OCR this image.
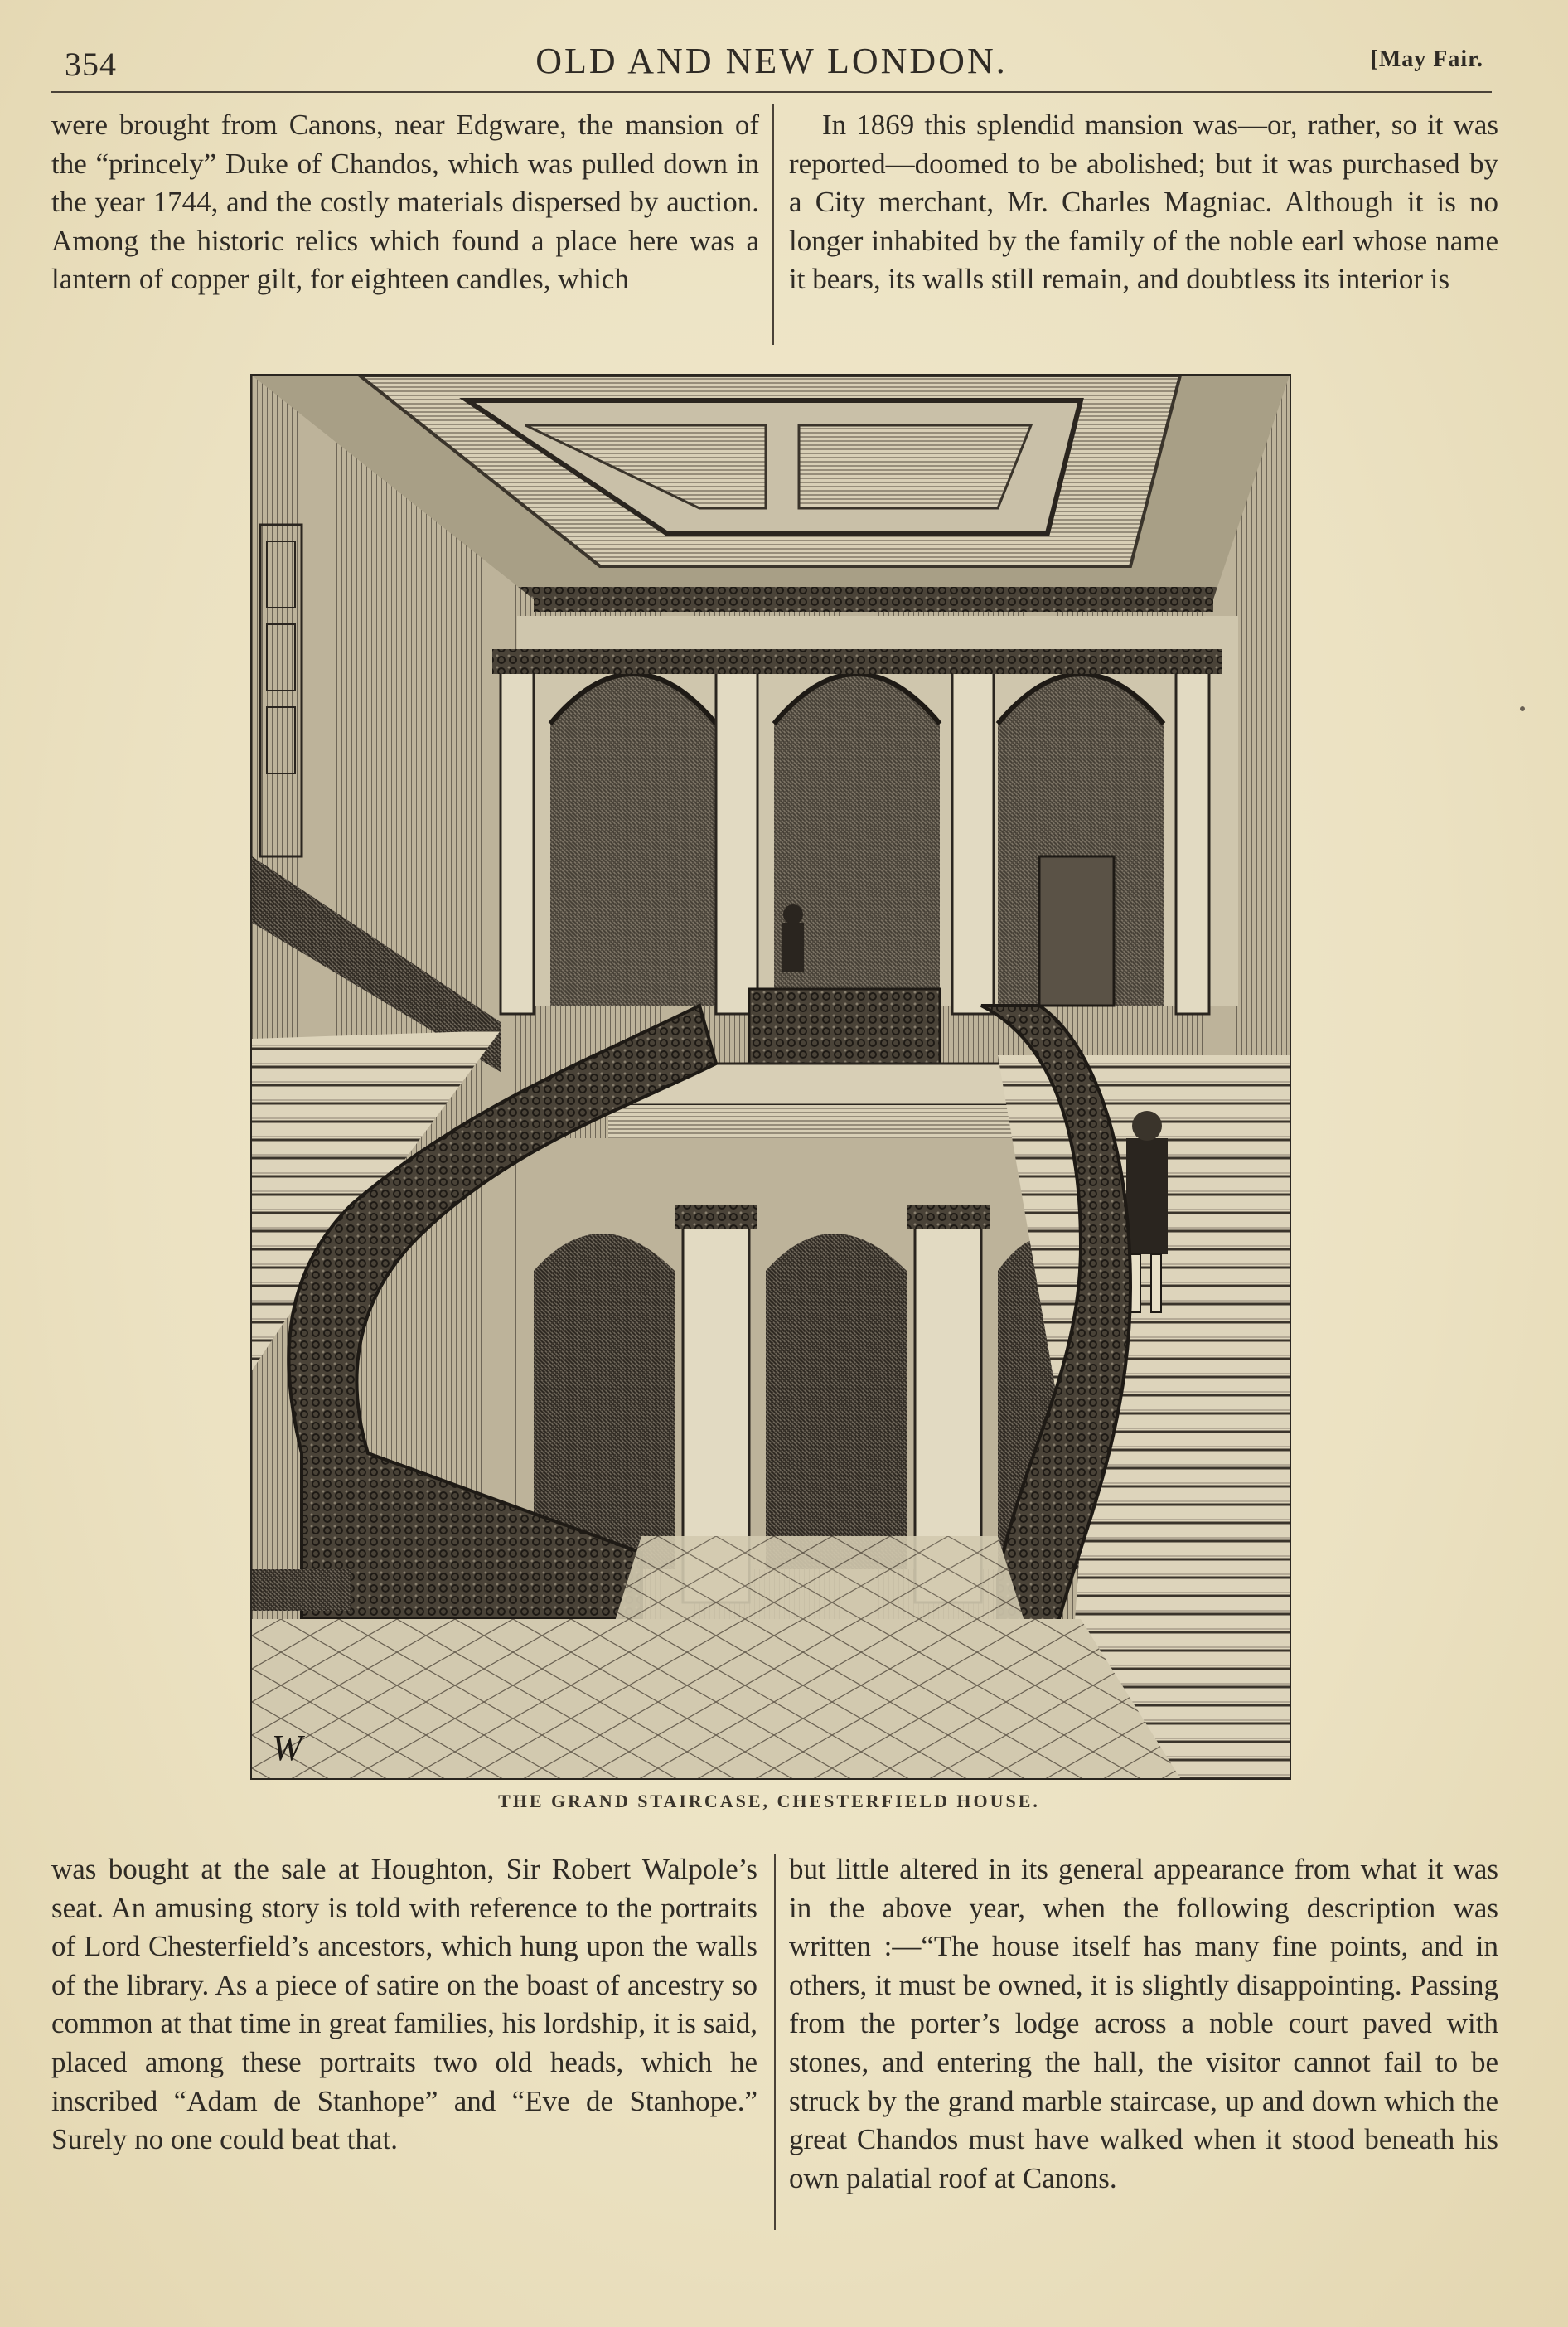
354	OLD AND NEW LONDON.	[May Fair.

were brought from Canons, near Edgware, the mansion of the “princely” Duke of Chandos, which was pulled down in the year 1744, and the costly materials dispersed by auction. Among the historic relics which found a place here was a lantern of copper gilt, for eighteen candles, which

In 1869 this splendid mansion was—or, rather, so it was reported—doomed to be abolished; but it was purchased by a City merchant, Mr. Charles Magniac. Although it is no longer inhabited by the family of the noble earl whose name it bears, its walls still remain, and doubtless its interior is

W
THE GRAND STAIRCASE, CHESTERFIELD HOUSE.

was bought at the sale at Houghton, Sir Robert Walpole’s seat. An amusing story is told with reference to the portraits of Lord Chesterfield’s ancestors, which hung upon the walls of the library. As a piece of satire on the boast of ancestry so common at that time in great families, his lordship, it is said, placed among these portraits two old heads, which he inscribed “Adam de Stanhope” and “Eve de Stanhope.” Surely no one could beat that.

but little altered in its general appearance from what it was in the above year, when the following description was written :—“The house itself has many fine points, and in others, it must be owned, it is slightly disappointing. Passing from the porter’s lodge across a noble court paved with stones, and entering the hall, the visitor cannot fail to be struck by the grand marble staircase, up and down which the great Chandos must have walked when it stood beneath his own palatial roof at Canons.
